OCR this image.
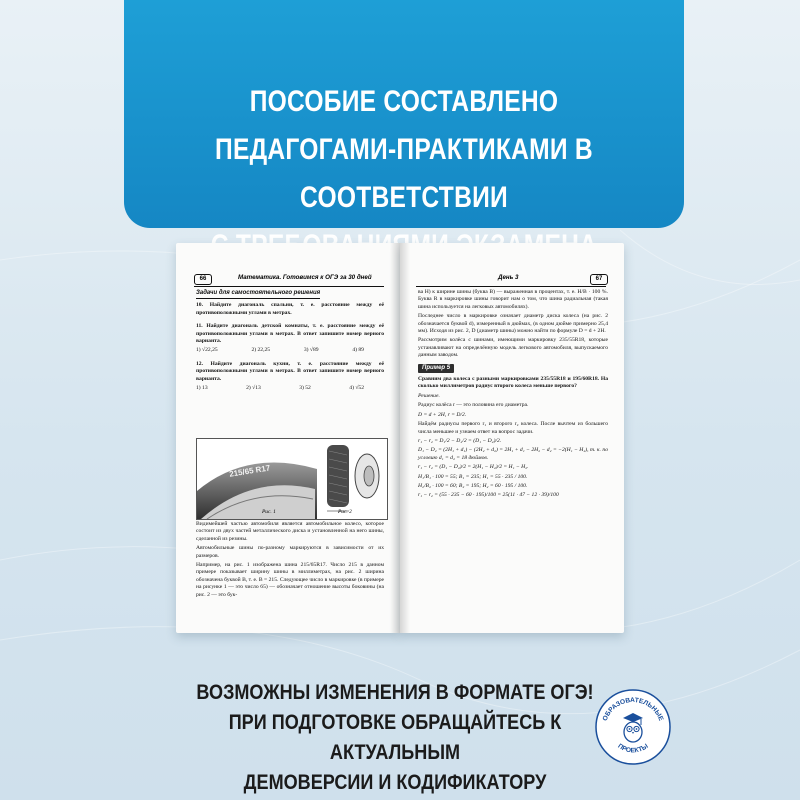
ПОСОБИЕ СОСТАВЛЕНО
ПЕДАГОГАМИ-ПРАКТИКАМИ В СООТВЕТСТВИИ
66	Математика. Готовимся к ОГЭ за 30 дней
Задачи для самостоятельного решения

10. Найдите диагональ спальни, т. е. расстояние между её противоположными углами в метрах.

11. Найдите диагональ детской комнаты, т. е. расстояние между её противоположными углами в метрах. В ответ запишите номер верного варианта.

1) √22,25	2) 22,25	3) √89	4) 89

12. Найдите диагональ кухни, т. е. расстояние между её противоположными углами в метрах. В ответ запишите номер верного варианта.

1) 13	2) √13	3) 52	4) √52
215/65 R17
Рис. 1	Рис. 2

Видимейшей частью автомобиля является автомобильное колесо, которое состоит из двух частей металлического диска и установленной на него шины, сделанной из резины.

Автомобильные шины по-разному маркируются в зависимости от их размеров.

Например, на рис. 1 изображена шина 215/65R17. Число 215 в данном примере показывает ширину шины в миллиметрах, на рис. 2 ширина обозначена буквой B, т. е. B = 215. Следующее число в маркировке (в примере на рисунке 1 — это число 65) — обозначает отношение высоты боковины (на рис. 2 — это бук-

День 3	67

ва H) к ширине шины (буква B) — выраженная в процентах, т. е. H/B · 100 %. Буква R в маркировке шины говорит нам о том, что шина радиальная (такая шина используется на легковых автомобилях).

Последнее число в маркировке означает диаметр диска колеса (на рис. 2 обозначается буквой d), измеренный в дюймах, (в одном дюйме примерно 25,4 мм). Исходя из рис. 2, D (диаметр шины) можно найти по формуле D = d + 2H.

Рассмотрим колёса с шинами, имеющими маркировку 235/55R18, которые устанавливают на определённую модель легкового автомобиля, выпускаемого данным заводом.

Пример 5

Сравним два колеса с разными маркировками 235/55R18 и 195/60R18. На сколько миллиметров радиус второго колеса меньше первого?

Решение.

Радиус колёса r — это половина его диаметра.

D = d + 2H, r = D/2.

Найдём радиусы первого r₁ и второго r₂ колеса. После вычтем из большего числа меньшее и узнаем ответ на вопрос задачи.

r₁ − r₂ = D₁/2 − D₂/2 = (D₁ − D₂)/2.

D₁ − D₂ = (2H₁ + d₁) − (2H₂ + d₂) = 2H₁ + d₁ − 2H₂ − d₂ = −2(H₁ − H₂), т. к. по условию d₁ = d₂ = 18 дюймов.

r₁ − r₂ = (D₁ − D₂)/2 = 2(H₁ − H₂)/2 = H₁ − H₂.

H₁/B₁ · 100 = 55; B₁ = 235; H₁ = 55 · 235 / 100.

H₂/B₂ · 100 = 60; B₂ = 195; H₂ = 60 · 195 / 100.

r₁ − r₂ = (55 · 235 − 60 · 195)/100 = 25(11 · 47 − 12 · 39)/100

ВОЗМОЖНЫ ИЗМЕНЕНИЯ В ФОРМАТЕ ОГЭ!
ПРИ ПОДГОТОВКЕ ОБРАЩАЙТЕСЬ К АКТУАЛЬНЫМ
ДЕМОВЕРСИИ И КОДИФИКАТОРУ
ОБРАЗОВАТЕЛЬНЫЕ
ПРОЕКТЫ
